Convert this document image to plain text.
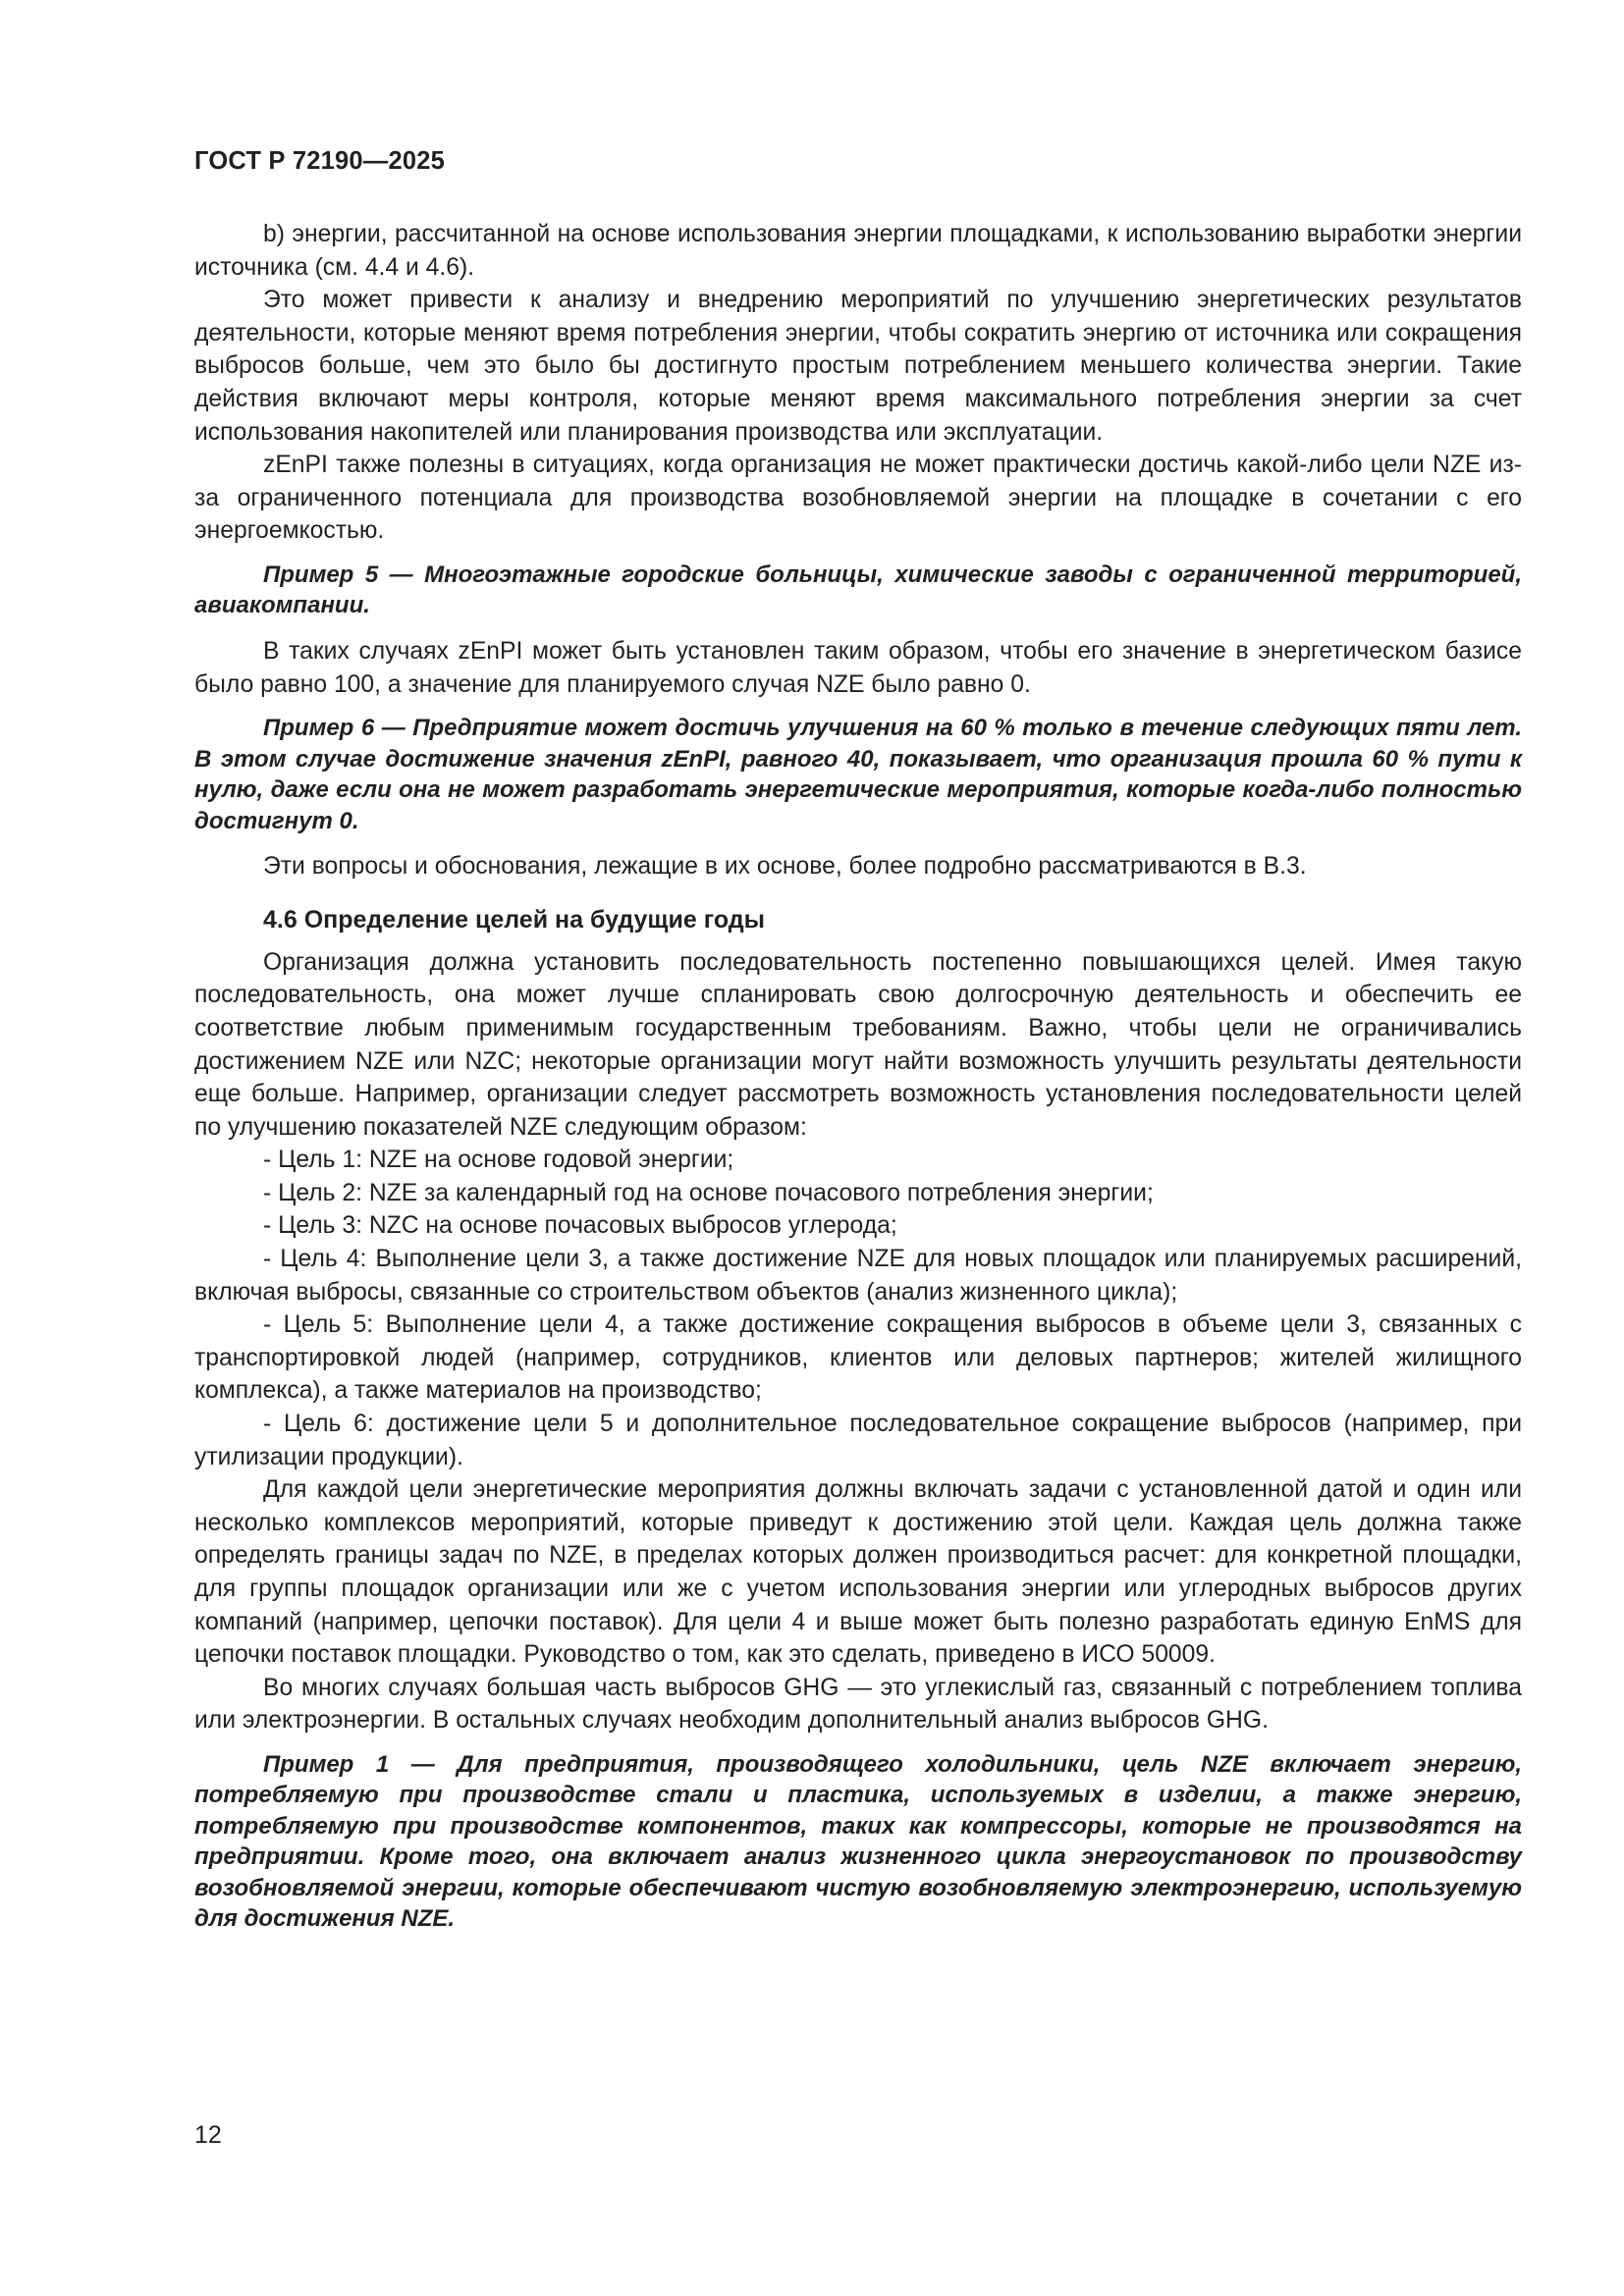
ГОСТ Р 72190—2025

b) энергии, рассчитанной на основе использования энергии площадками, к использованию выработки энергии источника (см. 4.4 и 4.6).

Это может привести к анализу и внедрению мероприятий по улучшению энергетических результатов деятельности, которые меняют время потребления энергии, чтобы сократить энергию от источника или сокращения выбросов больше, чем это было бы достигнуто простым потреблением меньшего количества энергии. Такие действия включают меры контроля, которые меняют время максимального потребления энергии за счет использования накопителей или планирования производства или эксплуатации.

zEnPI также полезны в ситуациях, когда организация не может практически достичь какой-либо цели NZE из-за ограниченного потенциала для производства возобновляемой энергии на площадке в сочетании с его энергоемкостью.

Пример 5 — Многоэтажные городские больницы, химические заводы с ограниченной территорией, авиакомпании.

В таких случаях zEnPI может быть установлен таким образом, чтобы его значение в энергетическом базисе было равно 100, а значение для планируемого случая NZE было равно 0.

Пример 6 — Предприятие может достичь улучшения на 60 % только в течение следующих пяти лет. В этом случае достижение значения zEnPI, равного 40, показывает, что организация прошла 60 % пути к нулю, даже если она не может разработать энергетические мероприятия, которые когда-либо полностью достигнут 0.

Эти вопросы и обоснования, лежащие в их основе, более подробно рассматриваются в В.3.

4.6 Определение целей на будущие годы

Организация должна установить последовательность постепенно повышающихся целей. Имея такую последовательность, она может лучше спланировать свою долгосрочную деятельность и обеспечить ее соответствие любым применимым государственным требованиям. Важно, чтобы цели не ограничивались достижением NZE или NZC; некоторые организации могут найти возможность улучшить результаты деятельности еще больше. Например, организации следует рассмотреть возможность установления последовательности целей по улучшению показателей NZE следующим образом:

- Цель 1: NZE на основе годовой энергии;

- Цель 2: NZE за календарный год на основе почасового потребления энергии;

- Цель 3: NZC на основе почасовых выбросов углерода;

- Цель 4: Выполнение цели 3, а также достижение NZE для новых площадок или планируемых расширений, включая выбросы, связанные со строительством объектов (анализ жизненного цикла);

- Цель 5: Выполнение цели 4, а также достижение сокращения выбросов в объеме цели 3, связанных с транспортировкой людей (например, сотрудников, клиентов или деловых партнеров; жителей жилищного комплекса), а также материалов на производство;

- Цель 6: достижение цели 5 и дополнительное последовательное сокращение выбросов (например, при утилизации продукции).

Для каждой цели энергетические мероприятия должны включать задачи с установленной датой и один или несколько комплексов мероприятий, которые приведут к достижению этой цели. Каждая цель должна также определять границы задач по NZE, в пределах которых должен производиться расчет: для конкретной площадки, для группы площадок организации или же с учетом использования энергии или углеродных выбросов других компаний (например, цепочки поставок). Для цели 4 и выше может быть полезно разработать единую EnMS для цепочки поставок площадки. Руководство о том, как это сделать, приведено в ИСО 50009.

Во многих случаях большая часть выбросов GHG — это углекислый газ, связанный с потреблением топлива или электроэнергии. В остальных случаях необходим дополнительный анализ выбросов GHG.

Пример 1 — Для предприятия, производящего холодильники, цель NZE включает энергию, потребляемую при производстве стали и пластика, используемых в изделии, а также энергию, потребляемую при производстве компонентов, таких как компрессоры, которые не производятся на предприятии. Кроме того, она включает анализ жизненного цикла энергоустановок по производству возобновляемой энергии, которые обеспечивают чистую возобновляемую электроэнергию, используемую для достижения NZE.

12
